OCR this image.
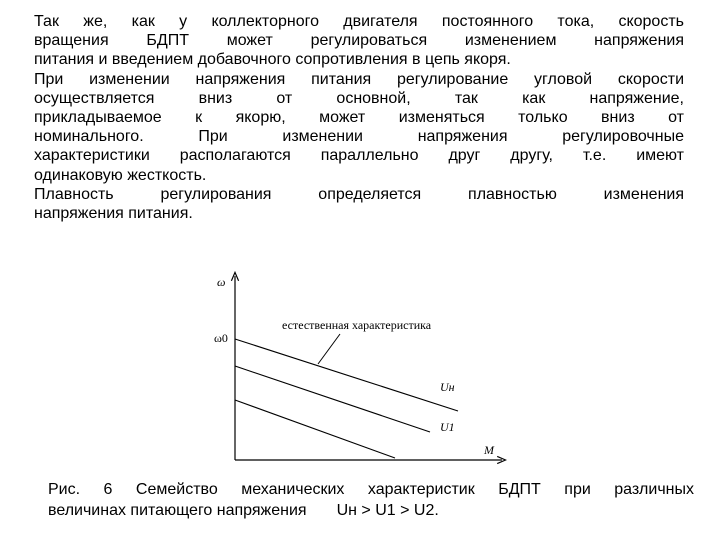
Так же, как у коллекторного двигателя постоянного тока, скорость
вращения БДПТ может регулироваться изменением напряжения
питания и введением добавочного сопротивления в цепь якоря.
При изменении напряжения питания регулирование угловой скорости
осуществляется вниз от основной, так как напряжение,
прикладываемое к якорю, может изменяться только вниз от
номинального. При изменении напряжения регулировочные
характеристики располагаются параллельно друг другу, т.е. имеют
одинаковую жесткость.
Плавность регулирования определяется плавностью изменения
напряжения питания.
ω
M
ω0
естественная характеристика
Uн
U1
Рис. 6 Семейство механических характеристик БДПТ при различных
величинах питающего напряжения Uн > U1 > U2.
